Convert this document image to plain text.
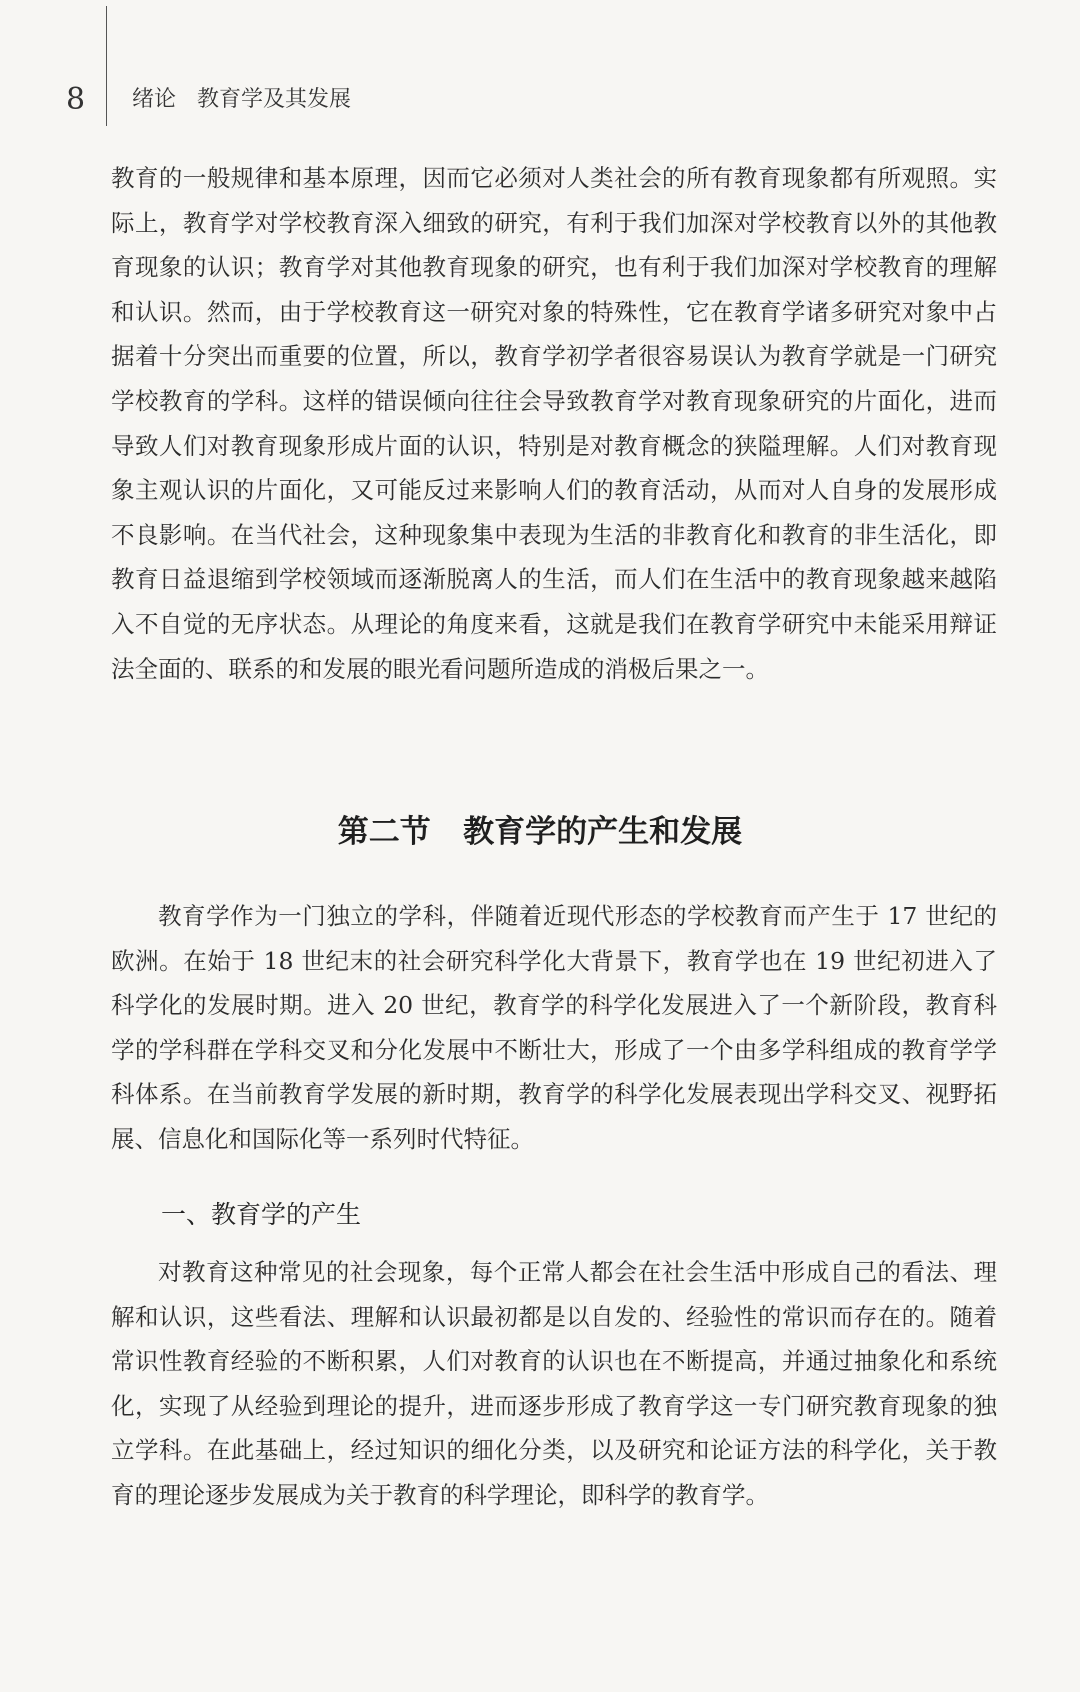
8 绪论   教育学及其发展

教育的一般规律和基本原理，因而它必须对人类社会的所有教育现象都有所观照。实际上，教育学对学校教育深入细致的研究，有利于我们加深对学校教育以外的其他教育现象的认识；教育学对其他教育现象的研究，也有利于我们加深对学校教育的理解和认识。然而，由于学校教育这一研究对象的特殊性，它在教育学诸多研究对象中占据着十分突出而重要的位置，所以，教育学初学者很容易误认为教育学就是一门研究学校教育的学科。这样的错误倾向往往会导致教育学对教育现象研究的片面化，进而导致人们对教育现象形成片面的认识，特别是对教育概念的狭隘理解。人们对教育现象主观认识的片面化，又可能反过来影响人们的教育活动，从而对人自身的发展形成不良影响。在当代社会，这种现象集中表现为生活的非教育化和教育的非生活化，即教育日益退缩到学校领域而逐渐脱离人的生活，而人们在生活中的教育现象越来越陷入不自觉的无序状态。从理论的角度来看，这就是我们在教育学研究中未能采用辩证法全面的、联系的和发展的眼光看问题所造成的消极后果之一。

第二节   教育学的产生和发展

教育学作为一门独立的学科，伴随着近现代形态的学校教育而产生于 17 世纪的欧洲。在始于 18 世纪末的社会研究科学化大背景下，教育学也在 19 世纪初进入了科学化的发展时期。进入 20 世纪，教育学的科学化发展进入了一个新阶段，教育科学的学科群在学科交叉和分化发展中不断壮大，形成了一个由多学科组成的教育学学科体系。在当前教育学发展的新时期，教育学的科学化发展表现出学科交叉、视野拓展、信息化和国际化等一系列时代特征。

一、教育学的产生

对教育这种常见的社会现象，每个正常人都会在社会生活中形成自己的看法、理解和认识，这些看法、理解和认识最初都是以自发的、经验性的常识而存在的。随着常识性教育经验的不断积累，人们对教育的认识也在不断提高，并通过抽象化和系统化，实现了从经验到理论的提升，进而逐步形成了教育学这一专门研究教育现象的独立学科。在此基础上，经过知识的细化分类，以及研究和论证方法的科学化，关于教育的理论逐步发展成为关于教育的科学理论，即科学的教育学。
